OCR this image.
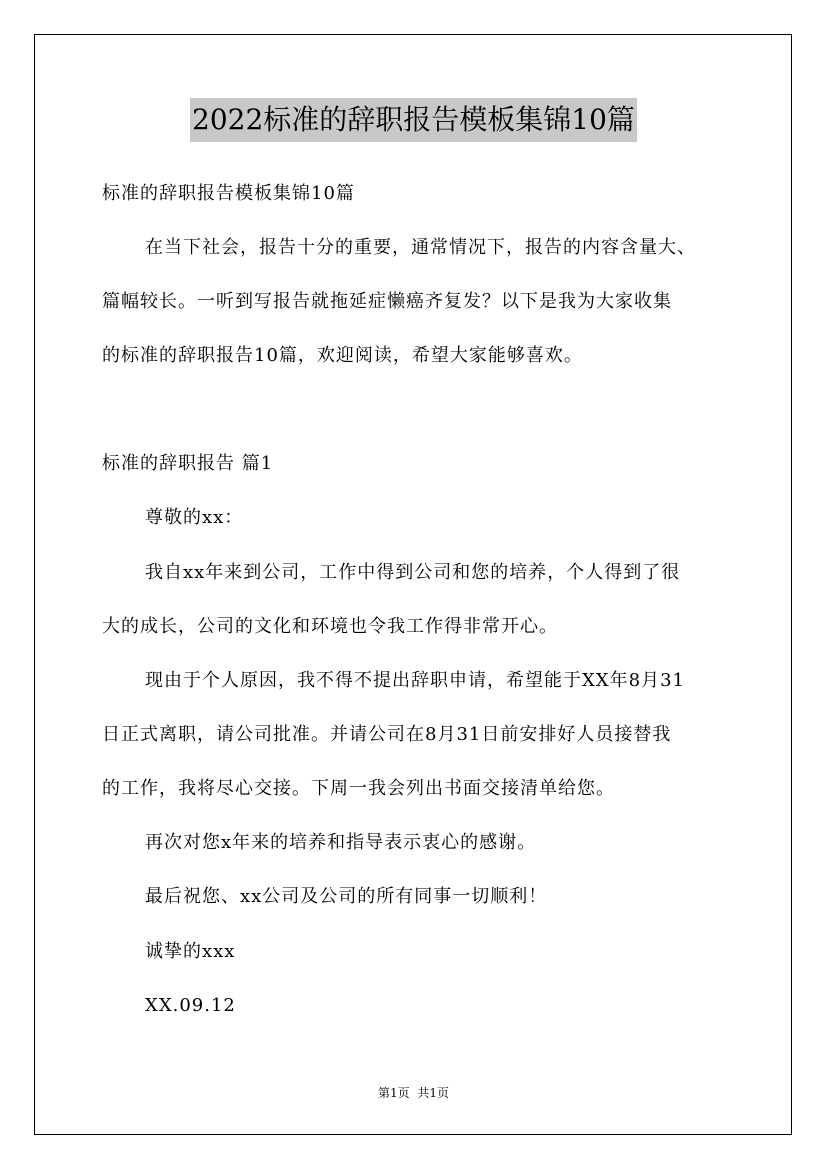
2022标准的辞职报告模板集锦10篇
标准的辞职报告模板集锦10篇
在当下社会，报告十分的重要，通常情况下，报告的内容含量大、
篇幅较长。一听到写报告就拖延症懒癌齐复发？以下是我为大家收集
的标准的辞职报告10篇，欢迎阅读，希望大家能够喜欢。
标准的辞职报告 篇1
尊敬的xx：
我自xx年来到公司，工作中得到公司和您的培养，个人得到了很
大的成长，公司的文化和环境也令我工作得非常开心。
现由于个人原因，我不得不提出辞职申请，希望能于XX年8月31
日正式离职，请公司批准。并请公司在8月31日前安排好人员接替我
的工作，我将尽心交接。下周一我会列出书面交接清单给您。
再次对您x年来的培养和指导表示衷心的感谢。
最后祝您、xx公司及公司的所有同事一切顺利！
诚挚的xxx
XX.09.12
第1页 共1页
